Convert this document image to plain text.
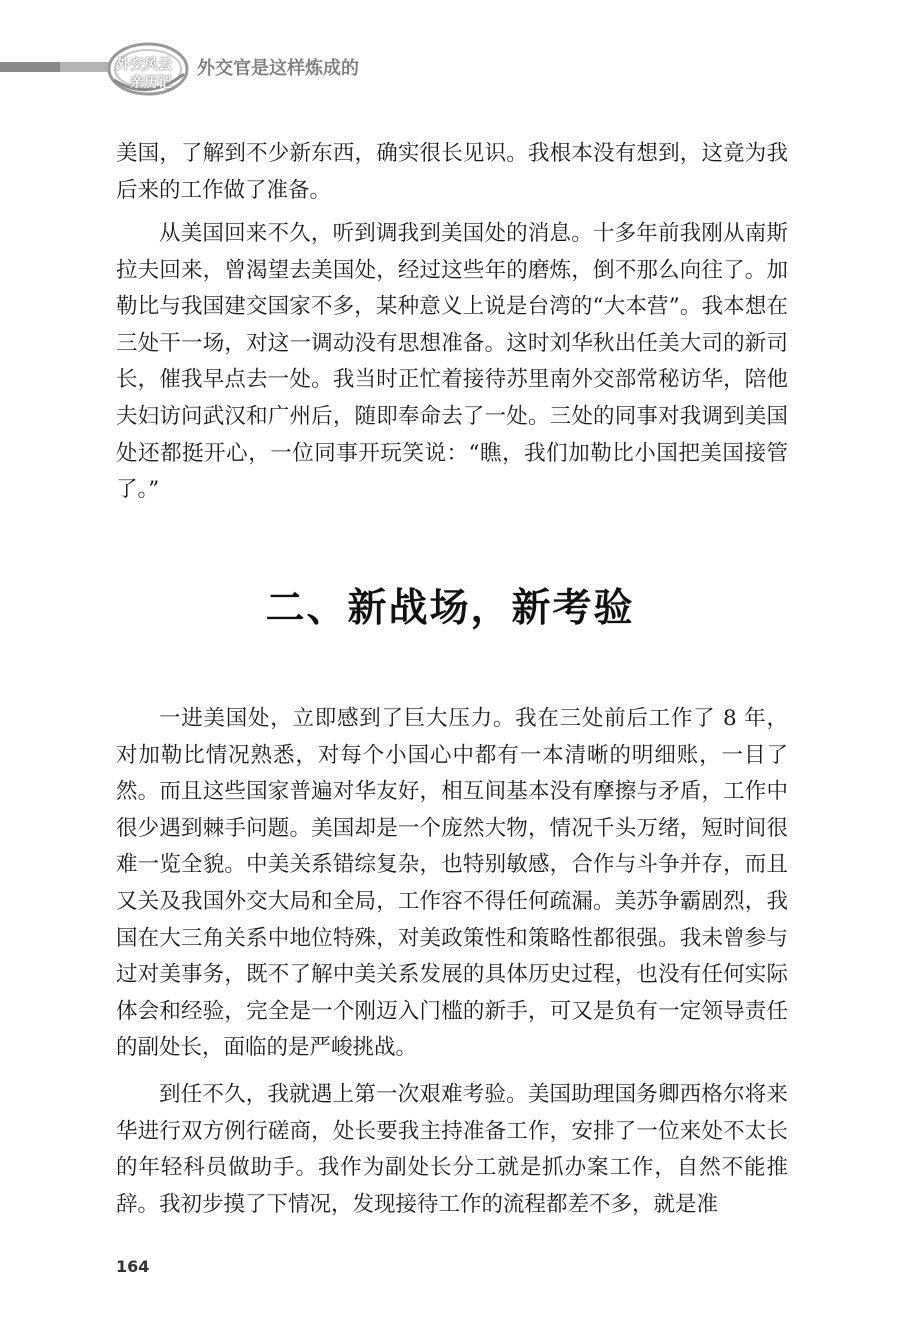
外交风云
亲历记
外交官是这样炼成的

美国，了解到不少新东西，确实很长见识。我根本没有想到，这竟为我后来的工作做了准备。

从美国回来不久，听到调我到美国处的消息。十多年前我刚从南斯拉夫回来，曾渴望去美国处，经过这些年的磨炼，倒不那么向往了。加勒比与我国建交国家不多，某种意义上说是台湾的“大本营”。我本想在三处干一场，对这一调动没有思想准备。这时刘华秋出任美大司的新司长，催我早点去一处。我当时正忙着接待苏里南外交部常秘访华，陪他夫妇访问武汉和广州后，随即奉命去了一处。三处的同事对我调到美国处还都挺开心，一位同事开玩笑说：“瞧，我们加勒比小国把美国接管了。”

二、新战场，新考验

一进美国处，立即感到了巨大压力。我在三处前后工作了 8 年，对加勒比情况熟悉，对每个小国心中都有一本清晰的明细账，一目了然。而且这些国家普遍对华友好，相互间基本没有摩擦与矛盾，工作中很少遇到棘手问题。美国却是一个庞然大物，情况千头万绪，短时间很难一览全貌。中美关系错综复杂，也特别敏感，合作与斗争并存，而且又关及我国外交大局和全局，工作容不得任何疏漏。美苏争霸剧烈，我国在大三角关系中地位特殊，对美政策性和策略性都很强。我未曾参与过对美事务，既不了解中美关系发展的具体历史过程，也没有任何实际体会和经验，完全是一个刚迈入门槛的新手，可又是负有一定领导责任的副处长，面临的是严峻挑战。

到任不久，我就遇上第一次艰难考验。美国助理国务卿西格尔将来华进行双方例行磋商，处长要我主持准备工作，安排了一位来处不太长的年轻科员做助手。我作为副处长分工就是抓办案工作，自然不能推辞。我初步摸了下情况，发现接待工作的流程都差不多，就是准

164
